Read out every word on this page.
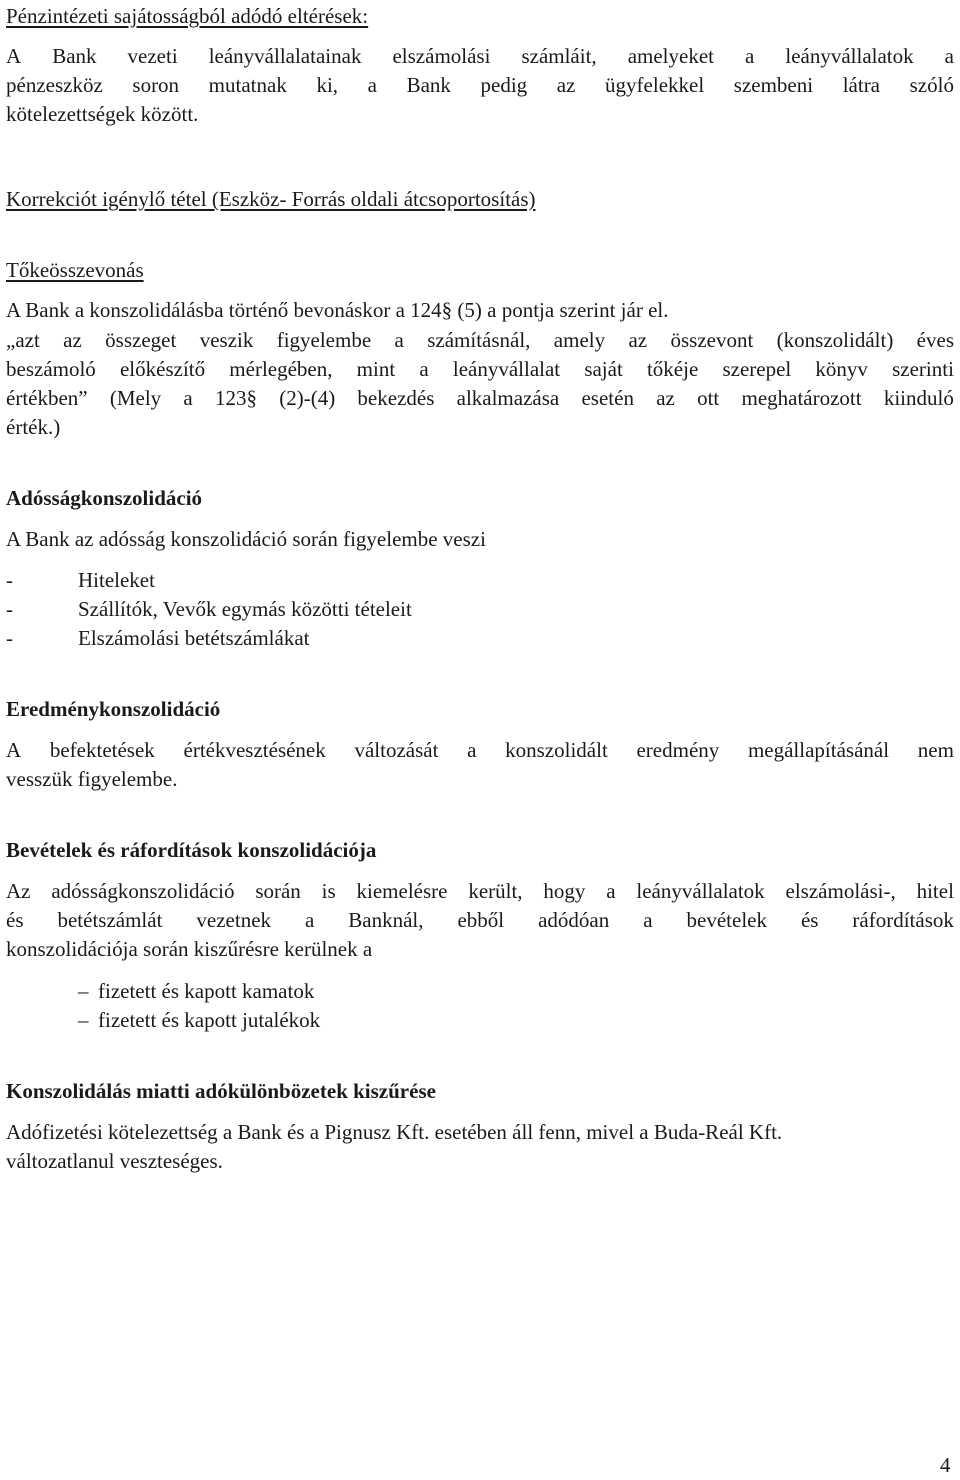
Pénzintézeti sajátosságból adódó eltérések:
A Bank vezeti leányvállalatainak elszámolási számláit, amelyeket a leányvállalatok a
pénzeszköz soron mutatnak ki, a Bank pedig az ügyfelekkel szembeni látra szóló
kötelezettségek között.
Korrekciót igénylő tétel (Eszköz- Forrás oldali átcsoportosítás)
Tőkeösszevonás
A Bank a konszolidálásba történő bevonáskor a 124§ (5) a pontja szerint jár el.
„azt az összeget veszik figyelembe a számításnál, amely az összevont (konszolidált) éves
beszámoló előkészítő mérlegében, mint a leányvállalat saját tőkéje szerepel könyv szerinti
értékben” (Mely a 123§ (2)-(4) bekezdés alkalmazása esetén az ott meghatározott kiinduló
érték.)
Adósságkonszolidáció
A Bank az adósság konszolidáció során figyelembe veszi
-	Hiteleket
-	Szállítók, Vevők egymás közötti tételeit
-	Elszámolási betétszámlákat
Eredménykonszolidáció
A befektetések értékvesztésének változását a konszolidált eredmény megállapításánál nem
vesszük figyelembe.
Bevételek és ráfordítások konszolidációja
Az adósságkonszolidáció során is kiemelésre került, hogy a leányvállalatok elszámolási-, hitel
és betétszámlát vezetnek a Banknál, ebből adódóan a bevételek és ráfordítások
konszolidációja során kiszűrésre kerülnek a
– fizetett és kapott kamatok
– fizetett és kapott jutalékok
Konszolidálás miatti adókülönbözetek kiszűrése
Adófizetési kötelezettség a Bank és a Pignusz Kft. esetében áll fenn, mivel a Buda-Reál Kft.
változatlanul veszteséges.
4
